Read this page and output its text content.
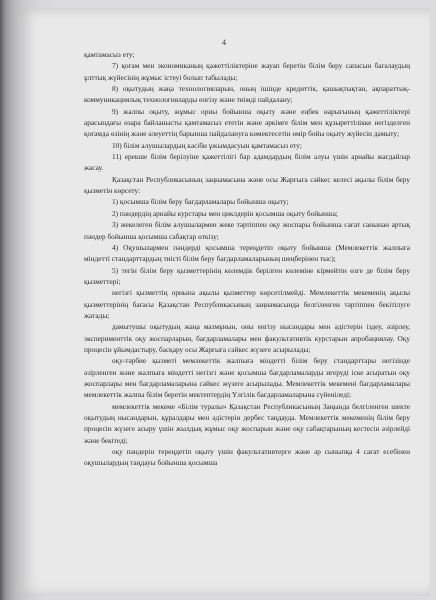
4

қамтамасыз ету;

7) қоғам мен экономиканың қажеттіліктеріне жауап беретін білім беру сапасын бағалаудың ұлттық жүйесінің жұмыс істеуі болып табылады;

8) оқытудың жаңа технологияларын, оның ішінде кредиттік, қашықтықтан, ақпараттық-коммуникациялық технологияларды енгізу және тиімді пайдалану;

9) жалпы оқыту, жұмыс орны бойынша оқыту және еңбек нарығының қажеттіліктері арасындағы өзара байланысты қамтамасыз ететін және әркімге білім мен құзыреттілікке негізделген қоғамда өзінің және әлеуеттің барынша пайдалануға көмектесетін өмір бойы оқыту жүйесін дамыту;

10) білім алушылардың кәсіби ұжымдасуын қамтамасыз ету;

11) ерекше білім берілуіне қажеттілігі бар адамдардың білім алуы үшін арнайы жағдайлар жасау.

Қазақстан Республикасының заңнамасына және осы Жарғыға сәйкес келесі ақылы білім беру қызметін көрсету:

1) қосымша білім беру бағдарламалары бойынша оқыту;

2) пәндердің арнайы курстары мен циклдерін қосымша оқыту бойынша;

3) жекелеген білім алушылармен жеке тәртіппен оқу жоспары бойынша сағат санынан артық пәндер бойынша қосымша сабақтар өткізу;

4) Оқушылармен пәндерді қосымша тереңдетіп оқыту бойынша (Мемлекеттік жалпыға міндетті стандарттардың тиісті білім беру бағдарламаларының шеңберінен тыс);

5) тегін білім беру қызметтерінің көлемдік берілген көлеміне кірмейтін өзге де білім беру қызметтері;

негізгі қызметтің орнына ақылы қызметтер көрсетілмейді. Мемлекеттік мекеменің ақылы қызметтерінің бағасы Қазақстан Республикасының заңнамасында белгіленген тәртіппен бекітілуге жатады;

дамытушы оқытудың жаңа мазмұнын, оны енгізу нысандары мен әдістерін іздеу, әзірлеу, эксперименттік оқу жоспарларын, бағдарламалары мен факультативтік курстарын апробациялау. Оқу процесін ұйымдастыру, басқару осы Жарғыға сәйкес жүзеге асырылады;

оқу-тәрбие қызметі мемлекеттік жалпыға міндетті білім беру стандарттары негізінде әзірленген және жалпыға міндетті негізгі және қосымша бағдарламаларды игеруді іске асыратын оқу жоспарлары мен бағдарламаларына сәйкес жүзеге асырылады. Мемлекеттік мекемені бағдарламалары мемлекеттік жалпы білім беретін мектептердің Үлгілік бағдарламаларына сүйеніледі;

мемлекеттік мекеме «Білім туралы» Қазақстан Республикасының Заңында белгіленген шекте оқытудың нысандарын, құралдары мен әдістерін дербес таңдауда. Мемлекеттік мекеменің білім беру процесін жүзеге асыру үшін жылдық жұмыс оқу жоспарын және оқу сабақтарының кестесін әзірлейді және бекітеді;

оқу пәндерін тереңдетіп оқыту үшін факультативтерге және әр сыныпқа 4 сағат есебінен оқушылардың таңдауы бойынша қосымша
